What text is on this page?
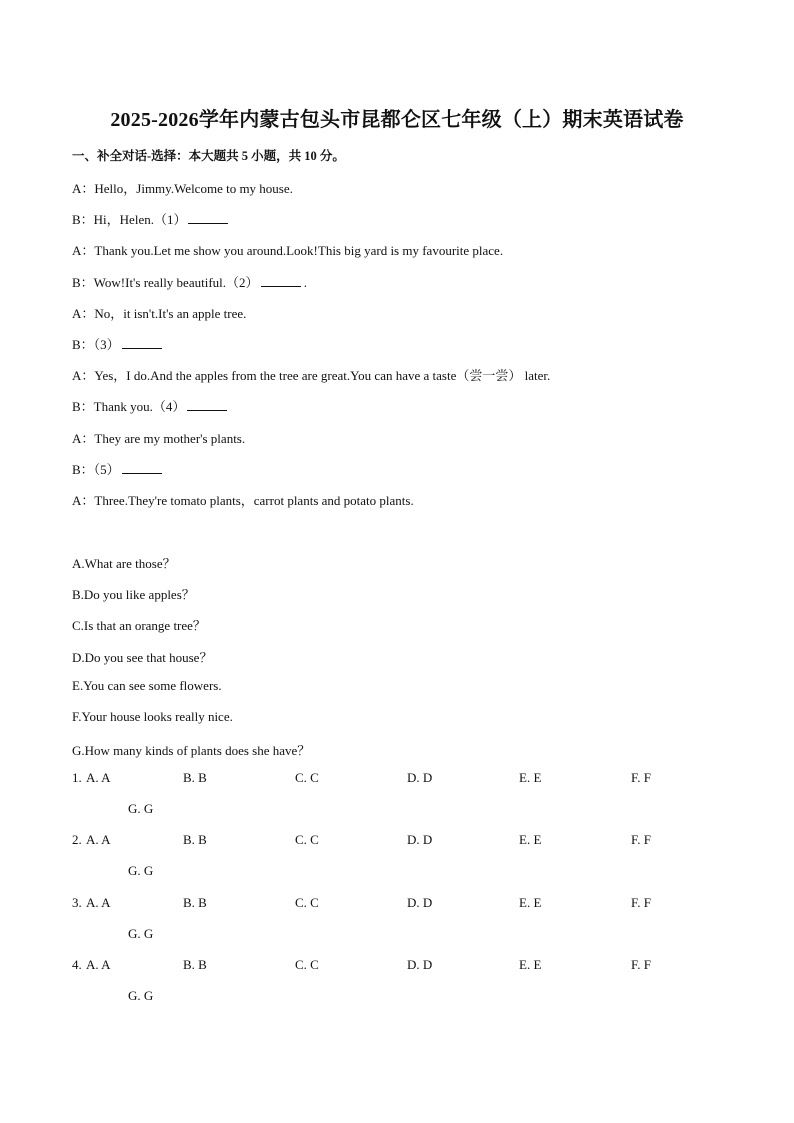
2025-2026学年内蒙古包头市昆都仑区七年级（上）期末英语试卷
一、补全对话-选择：本大题共 5 小题，共 10 分。
A：Hello，Jimmy.Welcome to my house.
B：Hi，Helen.（1）
A：Thank you.Let me show you around.Look!This big yard is my favourite place.
B：Wow!It's really beautiful.（2）	.
A：No，it isn't.It's an apple tree.
B：（3）
A：Yes，I do.And the apples from the tree are great.You can have a taste（尝一尝） later.
B：Thank you.（4）
A：They are my mother's plants.
B：（5）
A：Three.They're tomato plants，carrot plants and potato plants.
A.What are those？
B.Do you like apples？
C.Is that an orange tree？
D.Do you see that house？
E.You can see some flowers.
F.Your house looks really nice.
G.How many kinds of plants does she have？
1. A. A	B. B	C. C	D. D	E. E	F. F
G. G
2. A. A	B. B	C. C	D. D	E. E	F. F
G. G
3. A. A	B. B	C. C	D. D	E. E	F. F
G. G
4. A. A	B. B	C. C	D. D	E. E	F. F
G. G
